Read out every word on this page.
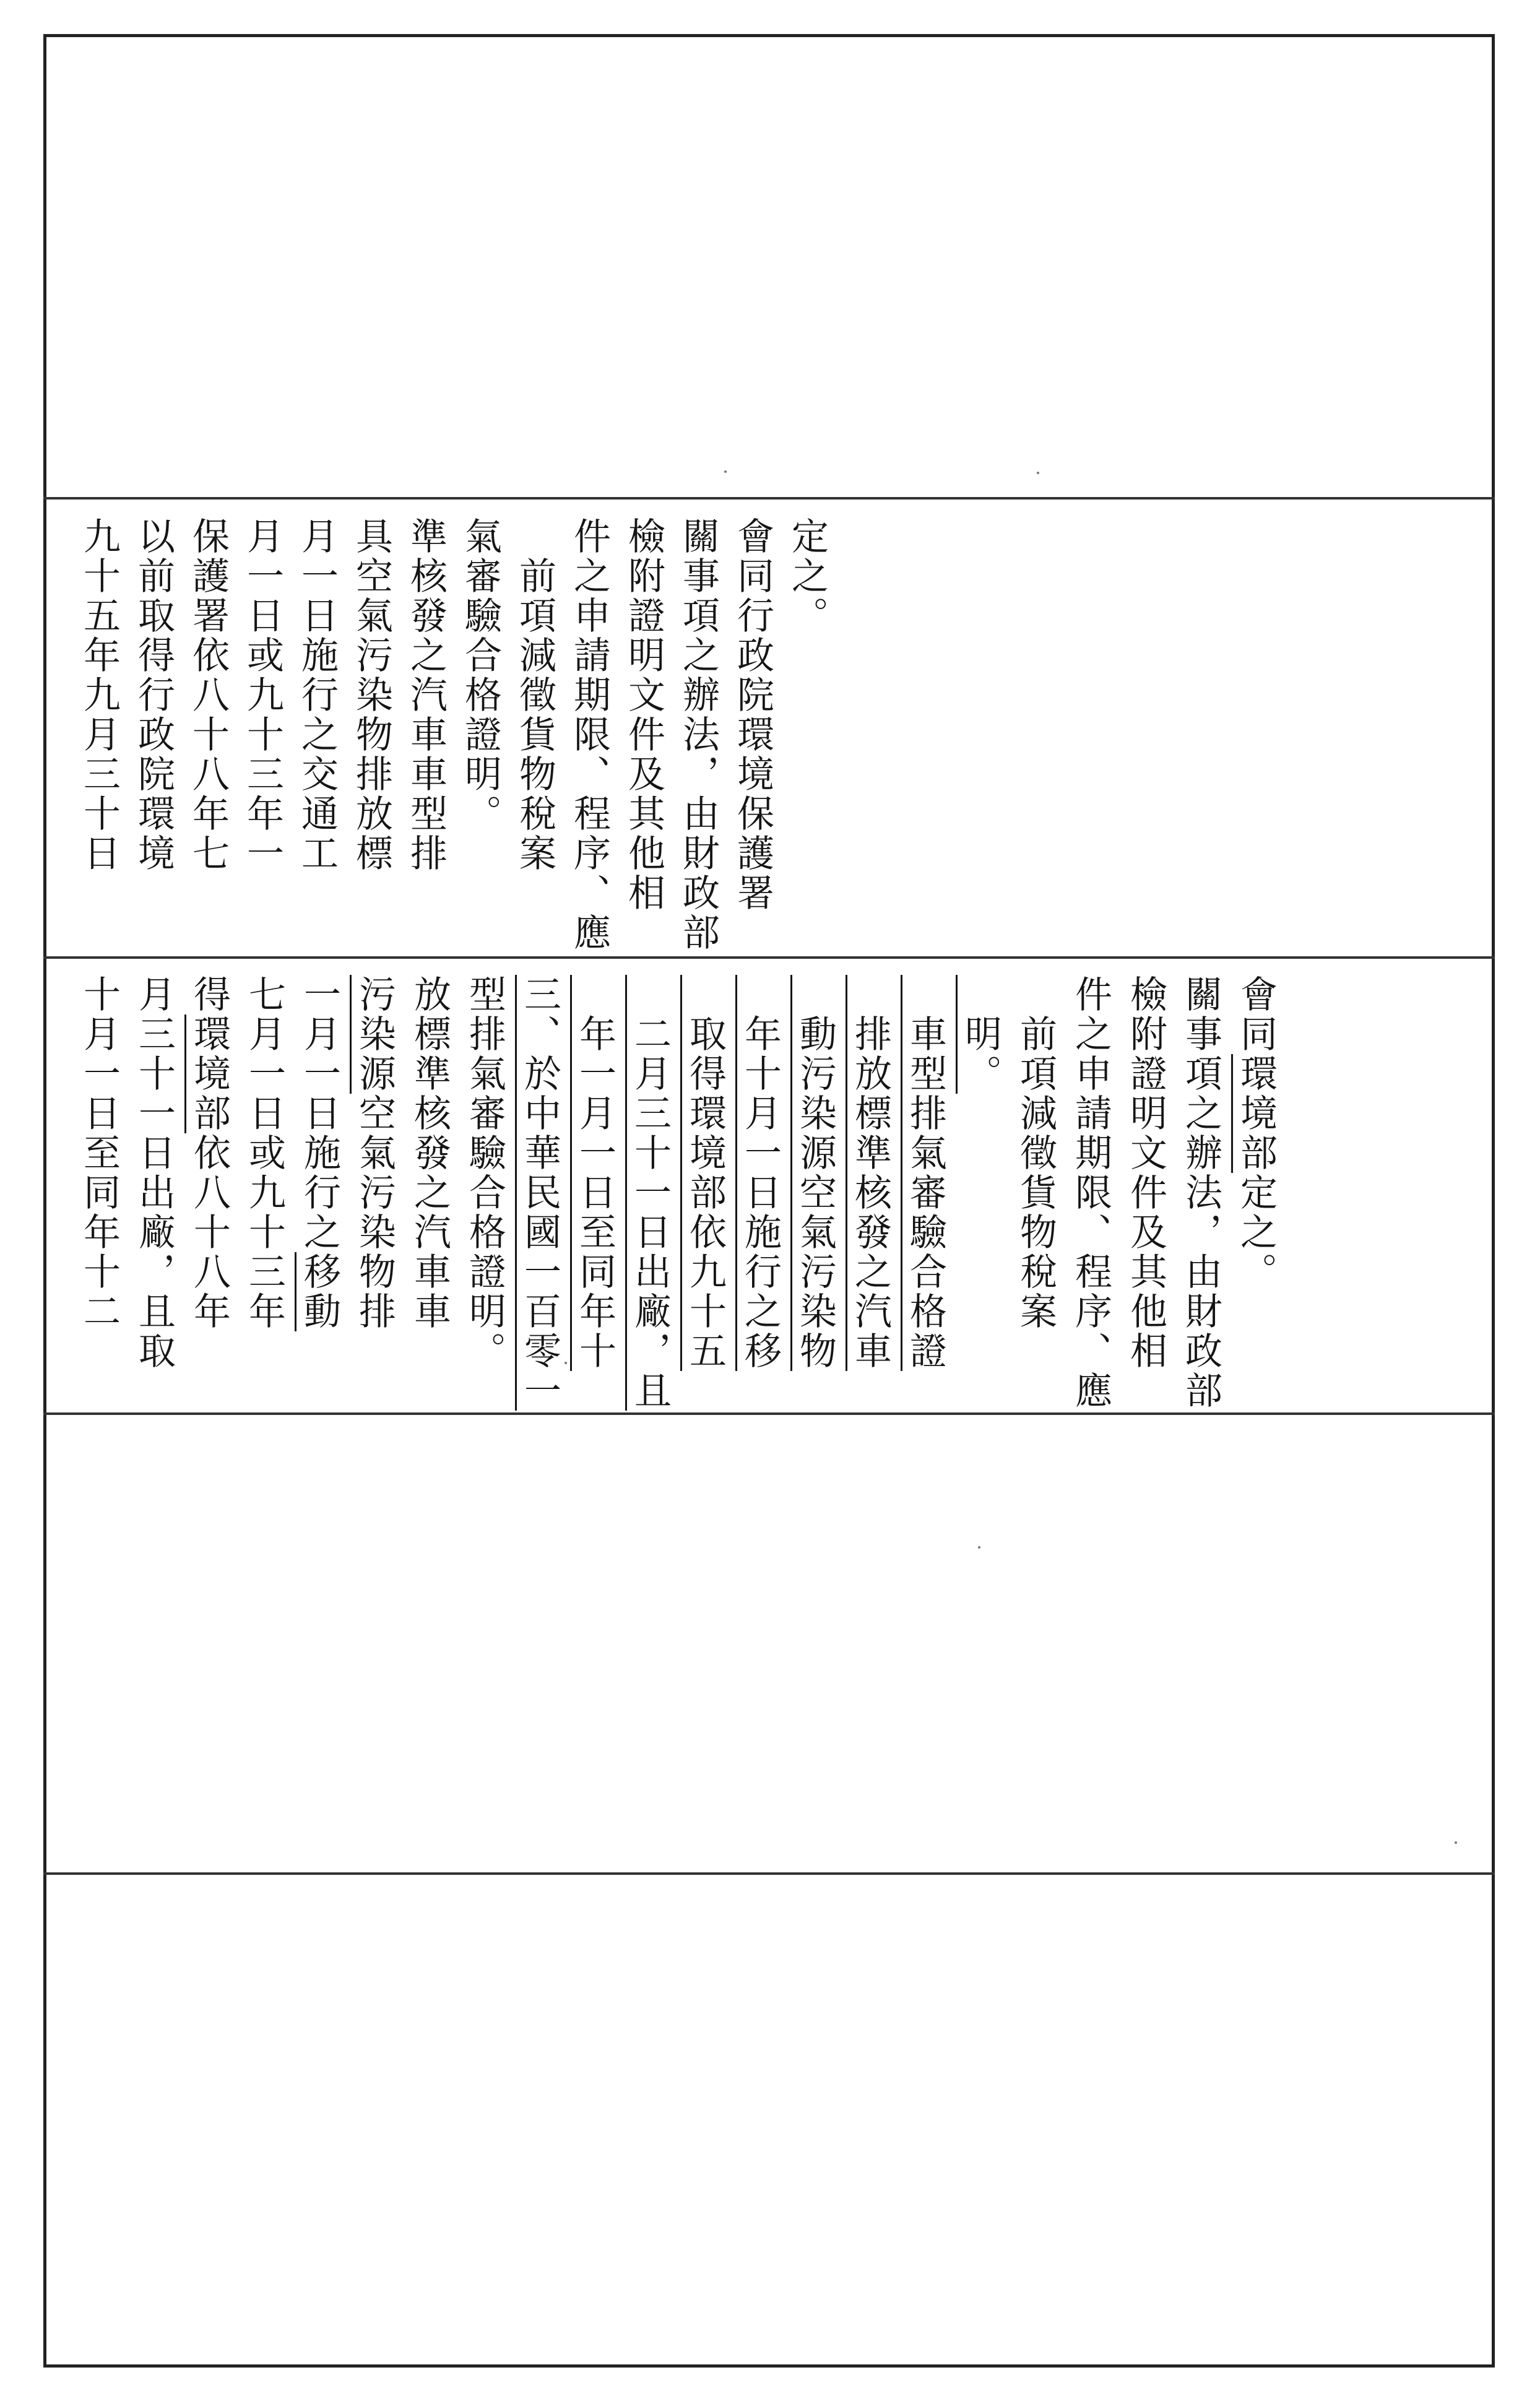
九十五年九月三十日 以前取得行政院環境 保護署依八十八年七 月一日或九十三年一 月一日施行之交通工 具空氣污染物排放標 準核發之汽車車型排 氣審驗合格證明。 　前項減徵貨物稅案 件之申請期限、程序、應 檢附證明文件及其他相 關事項之辦法，由財政部 會同行政院環境保護署 定之。
十月一日至同年十二 月三十一日出廠，且取 得環境部依八十八年 七月一日或九十三年 一月一日施行之移動
污染源空氣污染物排 放標準核發之汽車車 型排氣審驗合格證明。 三、於中華民國一百零一 　年一月一日至同年十 　二月三十一日出廠，且 　取得環境部依九十五 　年十月一日施行之移 　動污染源空氣污染物 　排放標準核發之汽車 　車型排氣審驗合格證 　明。 　前項減徵貨物稅案 件之申請期限、程序、應 檢附證明文件及其他相 關事項之辦法，由財政部 會同環境部定之。
